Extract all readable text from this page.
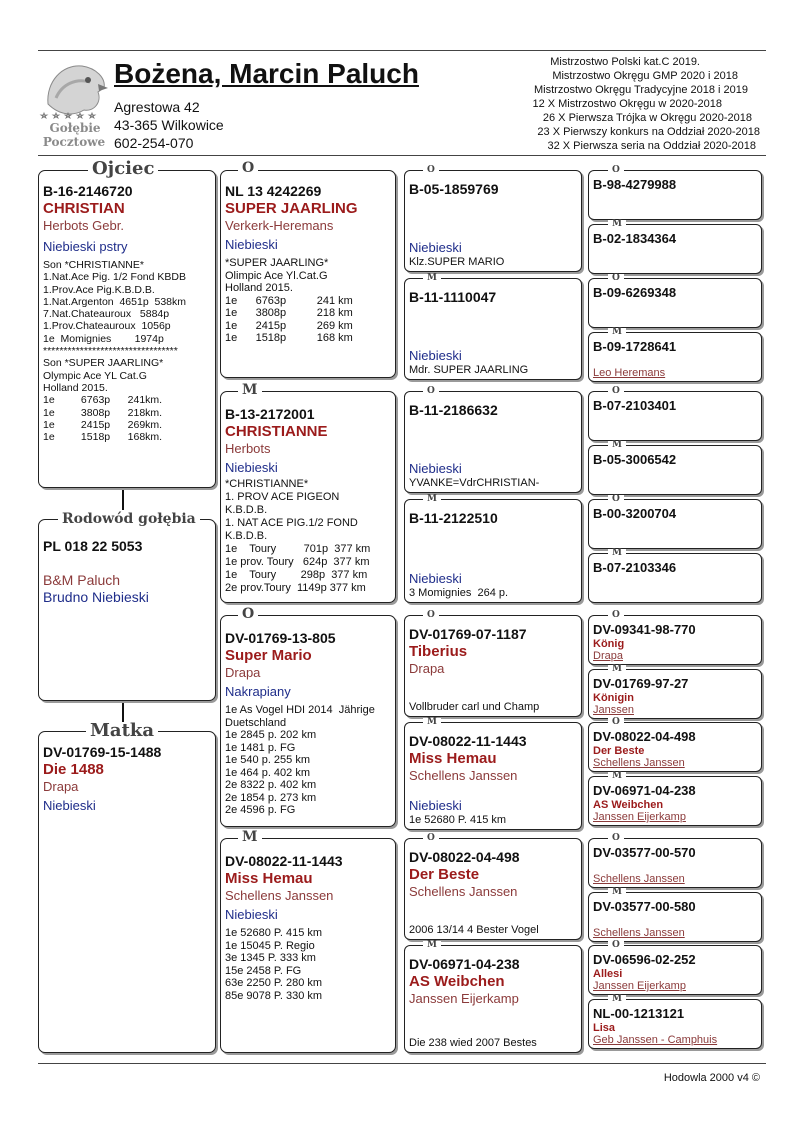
Gołębie
Pocztowe
Bożena, Marcin Paluch
Agrestowa 42
43-365 Wilkowice
602-254-070
Mistrzostwo Polski kat.C 2019.
Mistrzostwo Okręgu GMP 2020 i 2018
Mistrzostwo Okręgu Tradycyjne 2018 i 2019
12 X Mistrzostwo Okręgu w 2020-2018
26 X Pierwsza Trójka w Okręgu 2020-2018
23 X Pierwszy konkurs na Oddział 2020-2018
32 X Pierwsza seria na Oddział 2020-2018
Ojciec
B-16-2146720
CHRISTIAN
Herbots Gebr.
Niebieski pstry
Son *CHRISTIANNE*
1.Nat.Ace Pig. 1/2 Fond KBDB
1.Prov.Ace Pig.K.B.D.B.
1.Nat.Argenton  4651p  538km
7.Nat.Chateauroux   5884p
1.Prov.Chateauroux  1056p
1e  Momignies        1974p
*********************************
Son *SUPER JAARLING*
Olympic Ace YL Cat.G
Holland 2015.
1e         6763p      241km.
1e         3808p      218km.
1e         2415p      269km.
1e         1518p      168km.
Rodowód gołębia
PL 018 22 5053
B&M Paluch
Brudno Niebieski
Matka
DV-01769-15-1488
Die 1488
Drapa
Niebieski
O
NL 13 4242269
SUPER JAARLING
Verkerk-Heremans
Niebieski
*SUPER JAARLING*
Olimpic Ace Yl.Cat.G
Holland 2015.
1e      6763p          241 km
1e      3808p          218 km
1e      2415p          269 km
1e      1518p          168 km
M
B-13-2172001
CHRISTIANNE
Herbots
Niebieski
*CHRISTIANNE*
1. PROV ACE PIGEON
K.B.D.B.
1. NAT ACE PIG.1/2 FOND
K.B.D.B.
1e    Toury         701p  377 km
1e prov. Toury   624p  377 km
1e    Toury        298p  377 km
2e prov.Toury  1149p 377 km
O
DV-01769-13-805
Super Mario
Drapa
Nakrapiany
1e As Vogel HDI 2014  Jährige
Duetschland
1e 2845 p. 202 km
1e 1481 p. FG
1e 540 p. 255 km
1e 464 p. 402 km
2e 8322 p. 402 km
2e 1854 p. 273 km
2e 4596 p. FG
M
DV-08022-11-1443
Miss Hemau
Schellens Janssen
Niebieski
1e 52680 P. 415 km
1e 15045 P. Regio
3e 1345 P. 333 km
15e 2458 P. FG
63e 2250 P. 280 km
85e 9078 P. 330 km
Hodowla 2000 v4 ©
O
B-05-1859769
Niebieski
Klz.SUPER MARIO
M
B-11-1110047
Niebieski
Mdr. SUPER JAARLING
O
B-11-2186632
Niebieski
YVANKE=VdrCHRISTIAN-
M
B-11-2122510
Niebieski
3 Momignies  264 p.
O
DV-01769-07-1187
Tiberius
Drapa
Vollbruder carl und Champ
M
DV-08022-11-1443
Miss Hemau
Schellens Janssen
Niebieski
1e 52680 P. 415 km
O
DV-08022-04-498
Der Beste
Schellens Janssen
2006 13/14 4 Bester Vogel
M
DV-06971-04-238
AS Weibchen
Janssen Eijerkamp
Die 238 wied 2007 Bestes
O
B-98-4279988
M
B-02-1834364
O
B-09-6269348
M
B-09-1728641
Leo Heremans
O
B-07-2103401
M
B-05-3006542
O
B-00-3200704
M
B-07-2103346
O
DV-09341-98-770
König
Drapa
M
DV-01769-97-27
Königin
Janssen
O
DV-08022-04-498
Der Beste
Schellens Janssen
M
DV-06971-04-238
AS Weibchen
Janssen Eijerkamp
O
DV-03577-00-570
Schellens Janssen
M
DV-03577-00-580
Schellens Janssen
O
DV-06596-02-252
Allesi
Janssen Eijerkamp
M
NL-00-1213121
Lisa
Geb Janssen - Camphuis
